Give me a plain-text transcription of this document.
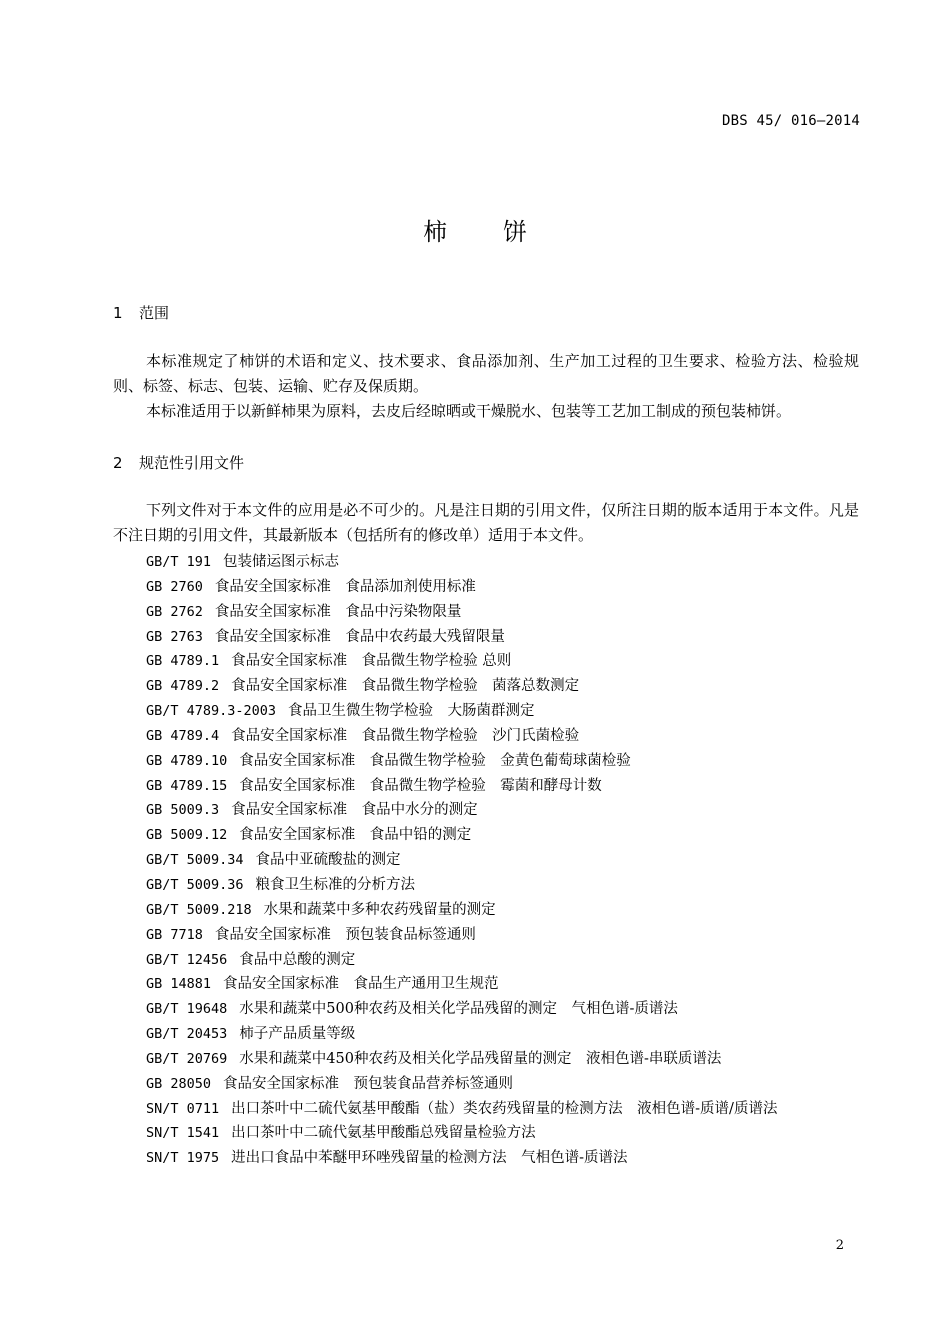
DBS 45/ 016—2014
柿 饼
1 范围

本标准规定了柿饼的术语和定义、技术要求、食品添加剂、生产加工过程的卫生要求、检验方法、检验规则、标签、标志、包装、运输、贮存及保质期。

本标准适用于以新鲜柿果为原料，去皮后经晾晒或干燥脱水、包装等工艺加工制成的预包装柿饼。

2 规范性引用文件

下列文件对于本文件的应用是必不可少的。凡是注日期的引用文件，仅所注日期的版本适用于本文件。凡是不注日期的引用文件，其最新版本（包括所有的修改单）适用于本文件。

GB/T 191 包装储运图示标志
GB 2760 食品安全国家标准　食品添加剂使用标准
GB 2762 食品安全国家标准　食品中污染物限量
GB 2763 食品安全国家标准　食品中农药最大残留限量
GB 4789.1 食品安全国家标准　食品微生物学检验 总则
GB 4789.2 食品安全国家标准　食品微生物学检验　菌落总数测定
GB/T 4789.3-2003 食品卫生微生物学检验　大肠菌群测定
GB 4789.4 食品安全国家标准　食品微生物学检验　沙门氏菌检验
GB 4789.10 食品安全国家标准　食品微生物学检验　金黄色葡萄球菌检验
GB 4789.15 食品安全国家标准　食品微生物学检验　霉菌和酵母计数
GB 5009.3 食品安全国家标准　食品中水分的测定
GB 5009.12 食品安全国家标准　食品中铅的测定
GB/T 5009.34 食品中亚硫酸盐的测定
GB/T 5009.36 粮食卫生标准的分析方法
GB/T 5009.218 水果和蔬菜中多种农药残留量的测定
GB 7718 食品安全国家标准　预包装食品标签通则
GB/T 12456 食品中总酸的测定
GB 14881 食品安全国家标准　食品生产通用卫生规范
GB/T 19648 水果和蔬菜中500种农药及相关化学品残留的测定　气相色谱-质谱法
GB/T 20453 柿子产品质量等级
GB/T 20769 水果和蔬菜中450种农药及相关化学品残留量的测定　液相色谱-串联质谱法
GB 28050 食品安全国家标准　预包装食品营养标签通则
SN/T 0711 出口茶叶中二硫代氨基甲酸酯（盐）类农药残留量的检测方法　液相色谱-质谱/质谱法
SN/T 1541 出口茶叶中二硫代氨基甲酸酯总残留量检验方法
SN/T 1975 进出口食品中苯醚甲环唑残留量的检测方法　气相色谱-质谱法
2
